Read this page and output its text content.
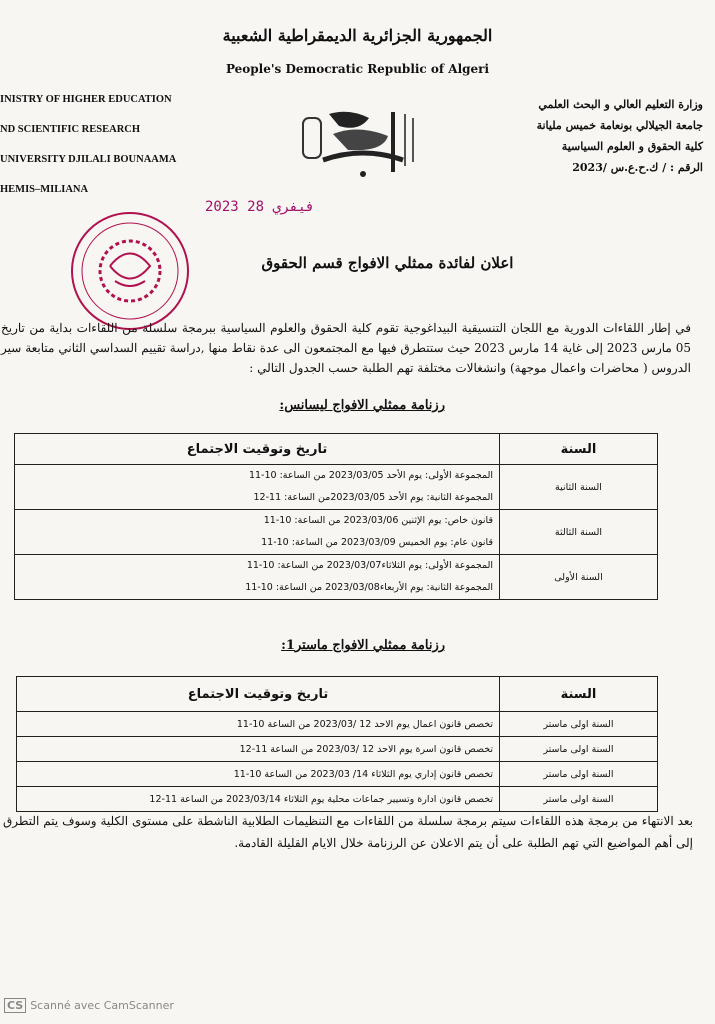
الجمهورية الجزائرية الديمقراطية الشعبية
People's Democratic Republic of Algeri
INISTRY OF HIGHER EDUCATION
ND SCIENTIFIC RESEARCH
UNIVERSITY DJILALI BOUNAAMA
HEMIS–MILIANA
وزارة التعليم العالي و البحث العلمي
جامعة الجيلالي بونعامة خميس مليانة
كلية الحقوق و العلوم السياسية
الرقم : / ك.ح.ع.س /2023
2023 فيفري 28
اعلان لفائدة ممثلي الافواج قسم الحقوق
في إطار اللقاءات الدورية مع اللجان التنسيقية البيداغوجية تقوم كلية الحقوق والعلوم السياسية ببرمجة سلسلة من اللقاءات بداية من تاريخ 05 مارس 2023 إلى غاية 14 مارس 2023 حيث ستتطرق فيها مع المجتمعون الى عدة نقاط منها ,دراسة تقييم السداسي الثاني متابعة سير الدروس ( محاضرات واعمال موجهة) وانشغالات مختلفة تهم الطلبة حسب الجدول التالي :
رزنامة ممثلي الافواج ليسانس:
السنة	تاريخ وتوقيت الاجتماع
السنة الثانية	المجموعة الأولى: يوم الأحد 2023/03/05 من الساعة: 10-11
المجموعة الثانية: يوم الأحد 2023/03/05من الساعة: 11-12

السنة الثالثة	قانون خاص: يوم الإثنين 2023/03/06 من الساعة: 10-11
قانون عام: يوم الخميس 2023/03/09 من الساعة: 10-11

السنة الأولى	المجموعة الأولى: يوم الثلاثاء2023/03/07 من الساعة: 10-11
المجموعة الثانية: يوم الأربعاء2023/03/08 من الساعة: 10-11
رزنامة ممثلي الافواج ماستر1:
السنة	تاريخ وتوقيت الاجتماع
السنة اولى ماستر	تخصص قانون اعمال يوم الاحد 12 /2023/03 من الساعة 10-11
السنة اولى ماستر	تخصص قانون اسرة يوم الاحد 12 /2023/03 من الساعة 11-12
السنة اولى ماستر	تخصص قانون إداري يوم الثلاثاء 14/ 2023/03 من الساعة 10-11
السنة اولى ماستر	تخصص قانون ادارة وتسيير جماعات محلية يوم الثلاثاء 2023/03/14 من الساعة 11-12
بعد الانتهاء من برمجة هذه اللقاءات سيتم برمجة سلسلة من اللقاءات مع التنظيمات الطلابية الناشطة على مستوى الكلية وسوف يتم التطرق إلى أهم المواضيع التي تهم الطلبة على أن يتم الاعلان عن الرزنامة خلال الايام القليلة القادمة.
CS Scanné avec CamScanner
